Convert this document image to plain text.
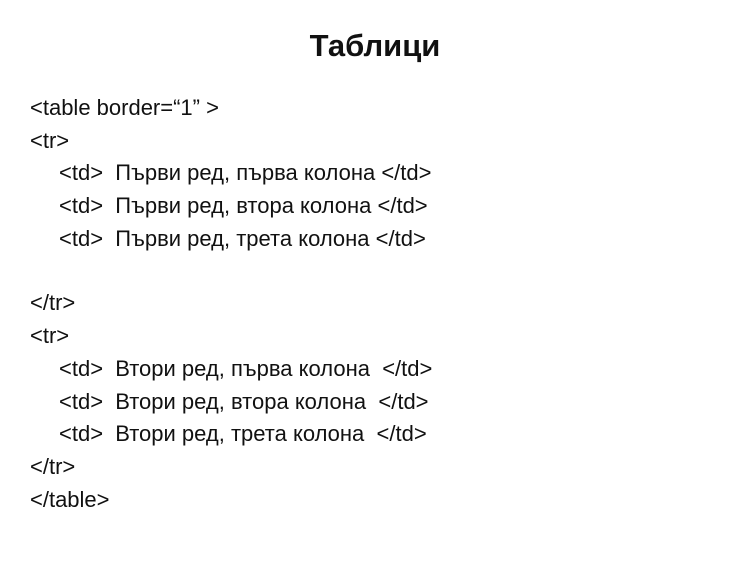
Таблици
<table border=“1” >
<tr>
<td>  Първи ред, първа колона </td>
<td>  Първи ред, втора колона </td>
<td>  Първи ред, трета колона </td>
</tr>
<tr>
<td>  Втори ред, първа колона  </td>
<td>  Втори ред, втора колона  </td>
<td>  Втори ред, трета колона  </td>
</tr>
</table>
